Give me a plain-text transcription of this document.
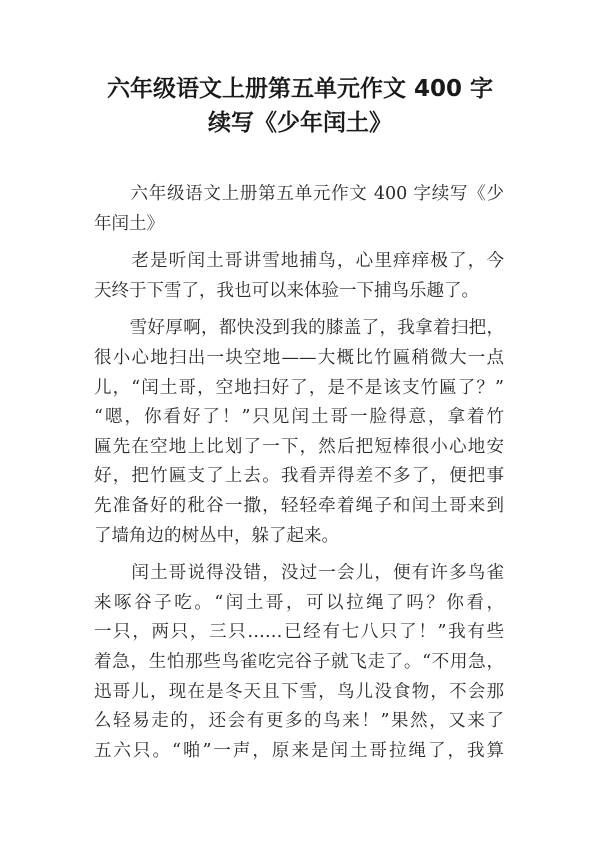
六年级语文上册第五单元作文 400 字
续写《少年闰土》
　　六年级语文上册第五单元作文 400 字续写《少
年闰土》
　　老是听闰土哥讲雪地捕鸟，心里痒痒极了，今
天终于下雪了，我也可以来体验一下捕鸟乐趣了。
　　雪好厚啊，都快没到我的膝盖了，我拿着扫把，
很小心地扫出一块空地——大概比竹匾稍微大一点
儿，“闰土哥，空地扫好了，是不是该支竹匾了？”
“嗯，你看好了！”只见闰土哥一脸得意，拿着竹
匾先在空地上比划了一下，然后把短棒很小心地安
好，把竹匾支了上去。我看弄得差不多了，便把事
先准备好的秕谷一撒，轻轻牵着绳子和闰土哥来到
了墙角边的树丛中，躲了起来。
　　闰土哥说得没错，没过一会儿，便有许多鸟雀
来啄谷子吃。“闰土哥，可以拉绳了吗？你看，
一只，两只，三只……已经有七八只了！”我有些
着急，生怕那些鸟雀吃完谷子就飞走了。“不用急，
迅哥儿，现在是冬天且下雪，鸟儿没食物，不会那
么轻易走的，还会有更多的鸟来！”果然，又来了
五六只。“啪”一声，原来是闰土哥拉绳了，我算
